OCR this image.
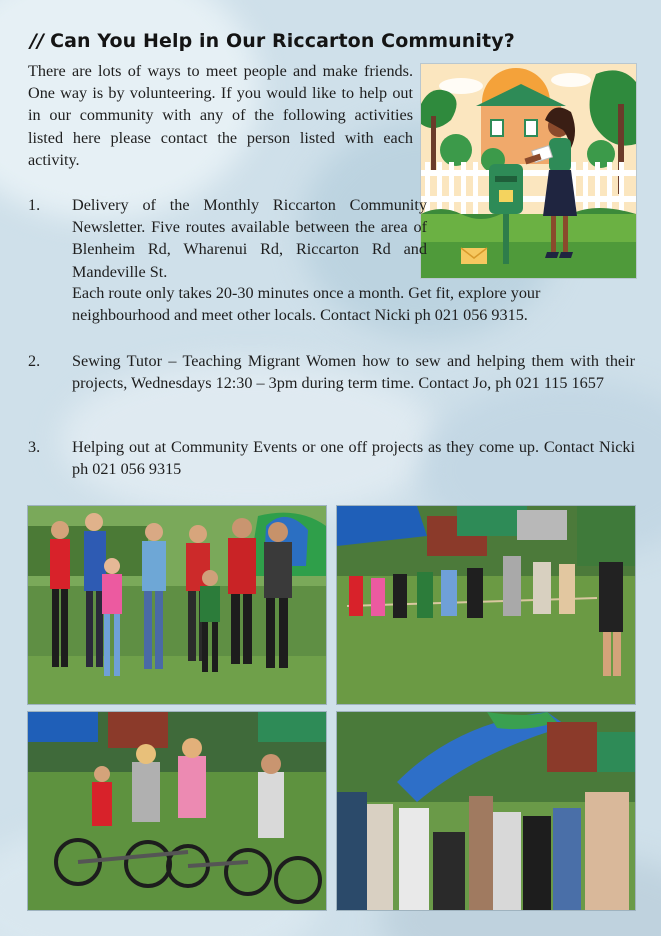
// Can You Help in Our Riccarton Community?
There are lots of ways to meet people and make friends. One way is by volunteering. If you would like to help out in our community with any of the following activities listed here please contact the person listed with each activity.
1. Delivery of the Monthly Riccarton Community Newsletter. Five routes available between the area of Blenheim Rd, Wharenui Rd, Riccarton Rd and Mandeville St.
Each route only takes 20-30 minutes once a month. Get fit, explore your
neighbourhood and meet other locals. Contact Nicki ph 021 056 9315.
2. Sewing Tutor – Teaching Migrant Women how to sew and helping them with their projects, Wednesdays 12:30 – 3pm during term time. Contact Jo, ph 021 115 1657
3. Helping out at Community Events or one off projects as they come up. Contact Nicki ph 021 056 9315
